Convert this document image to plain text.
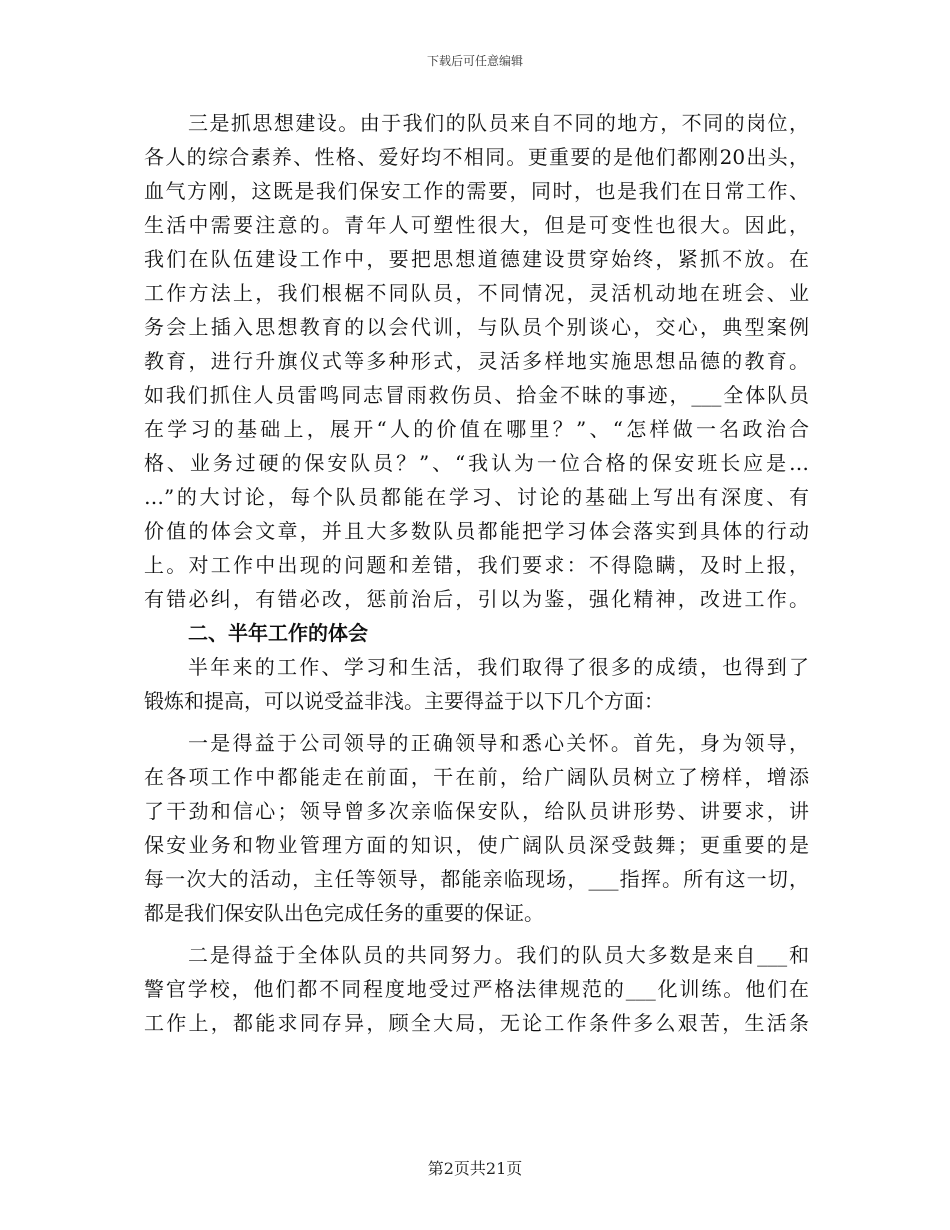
下载后可任意编辑
三是抓思想建设。由于我们的队员来自不同的地方，不同的岗位，
各人的综合素养、性格、爱好均不相同。更重要的是他们都刚20出头，
血气方刚，这既是我们保安工作的需要，同时，也是我们在日常工作、
生活中需要注意的。青年人可塑性很大，但是可变性也很大。因此，
我们在队伍建设工作中，要把思想道德建设贯穿始终，紧抓不放。在
工作方法上，我们根椐不同队员，不同情况，灵活机动地在班会、业
务会上插入思想教育的以会代训，与队员个别谈心，交心，典型案例
教育，进行升旗仪式等多种形式，灵活多样地实施思想品德的教育。
如我们抓住人员雷鸣同志冒雨救伤员、拾金不昧的事迹，___全体队员
在学习的基础上，展开“人的价值在哪里？”、“怎样做一名政治合
格、业务过硬的保安队员？”、“我认为一位合格的保安班长应是…
…”的大讨论，每个队员都能在学习、讨论的基础上写出有深度、有
价值的体会文章，并且大多数队员都能把学习体会落实到具体的行动
上。对工作中出现的问题和差错，我们要求：不得隐瞒，及时上报，
有错必纠，有错必改，惩前治后，引以为鉴，强化精神，改进工作。
二、半年工作的体会
半年来的工作、学习和生活，我们取得了很多的成绩，也得到了
锻炼和提高，可以说受益非浅。主要得益于以下几个方面：
一是得益于公司领导的正确领导和悉心关怀。首先，身为领导，
在各项工作中都能走在前面，干在前，给广阔队员树立了榜样，增添
了干劲和信心；领导曾多次亲临保安队，给队员讲形势、讲要求，讲
保安业务和物业管理方面的知识，使广阔队员深受鼓舞；更重要的是
每一次大的活动，主任等领导，都能亲临现场，___指挥。所有这一切，
都是我们保安队出色完成任务的重要的保证。
二是得益于全体队员的共同努力。我们的队员大多数是来自___和
警官学校，他们都不同程度地受过严格法律规范的___化训练。他们在
工作上，都能求同存异，顾全大局，无论工作条件多么艰苦，生活条
第2页共21页
